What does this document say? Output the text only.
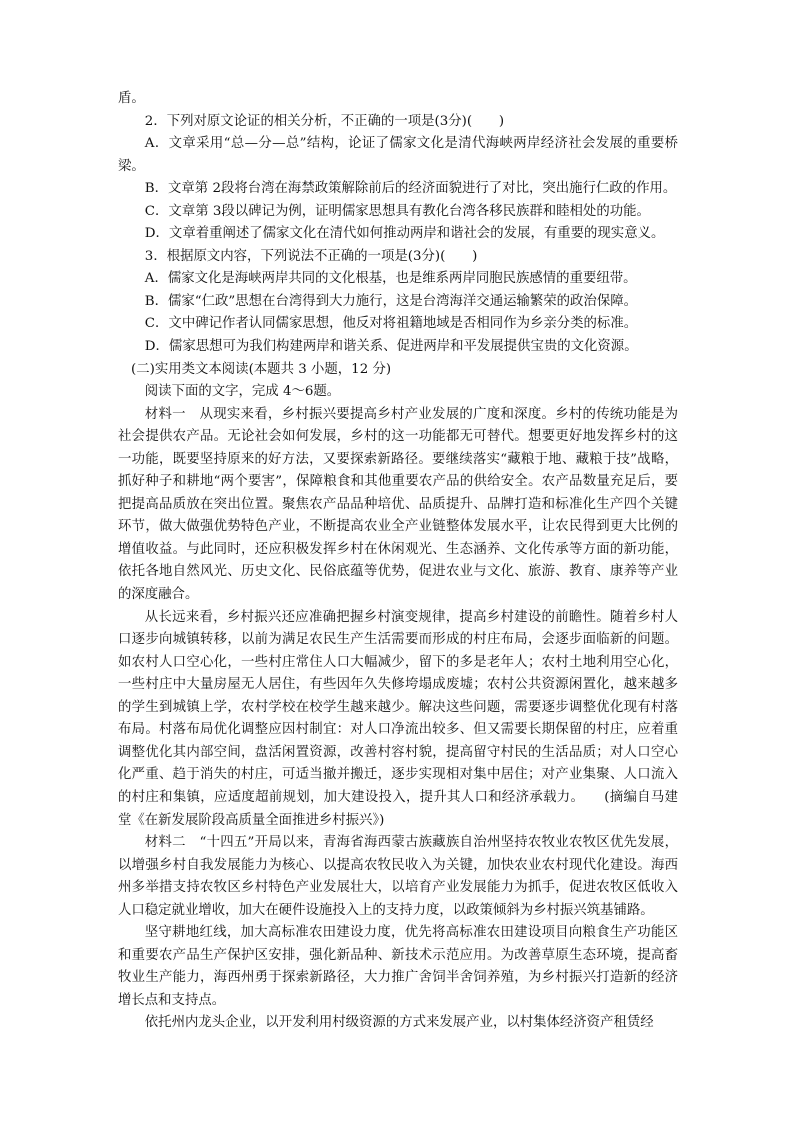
盾。

2．下列对原文论证的相关分析，不正确的一项是(3分)(　　)

A．文章采用“总—分—总”结构，论证了儒家文化是清代海峡两岸经济社会发展的重要桥梁。

B．文章第 2段将台湾在海禁政策解除前后的经济面貌进行了对比，突出施行仁政的作用。

C．文章第 3段以碑记为例，证明儒家思想具有教化台湾各移民族群和睦相处的功能。

D．文章着重阐述了儒家文化在清代如何推动两岸和谐社会的发展，有重要的现实意义。

3．根据原文内容，下列说法不正确的一项是(3分)(　　)

A．儒家文化是海峡两岸共同的文化根基，也是维系两岸同胞民族感情的重要纽带。

B．儒家“仁政”思想在台湾得到大力施行，这是台湾海洋交通运输繁荣的政治保障。

C．文中碑记作者认同儒家思想，他反对将祖籍地域是否相同作为乡亲分类的标准。

D．儒家思想可为我们构建两岸和谐关系、促进两岸和平发展提供宝贵的文化资源。

(二)实用类文本阅读(本题共 3 小题，12 分)

阅读下面的文字，完成 4～6题。

材料一　从现实来看，乡村振兴要提高乡村产业发展的广度和深度。乡村的传统功能是为社会提供农产品。无论社会如何发展，乡村的这一功能都无可替代。想要更好地发挥乡村的这一功能，既要坚持原来的好方法，又要探索新路径。要继续落实“藏粮于地、藏粮于技”战略，抓好种子和耕地“两个要害”，保障粮食和其他重要农产品的供给安全。农产品数量充足后，要把提高品质放在突出位置。聚焦农产品品种培优、品质提升、品牌打造和标准化生产四个关键环节，做大做强优势特色产业，不断提高农业全产业链整体发展水平，让农民得到更大比例的增值收益。与此同时，还应积极发挥乡村在休闲观光、生态涵养、文化传承等方面的新功能，依托各地自然风光、历史文化、民俗底蕴等优势，促进农业与文化、旅游、教育、康养等产业的深度融合。

从长远来看，乡村振兴还应准确把握乡村演变规律，提高乡村建设的前瞻性。随着乡村人口逐步向城镇转移，以前为满足农民生产生活需要而形成的村庄布局，会逐步面临新的问题。如农村人口空心化，一些村庄常住人口大幅减少，留下的多是老年人；农村土地利用空心化，一些村庄中大量房屋无人居住，有些因年久失修垮塌成废墟；农村公共资源闲置化，越来越多的学生到城镇上学，农村学校在校学生越来越少。解决这些问题，需要逐步调整优化现有村落布局。村落布局优化调整应因村制宜：对人口净流出较多、但又需要长期保留的村庄，应着重调整优化其内部空间，盘活闲置资源，改善村容村貌，提高留守村民的生活品质；对人口空心化严重、趋于消失的村庄，可适当撤并搬迁，逐步实现相对集中居住；对产业集聚、人口流入的村庄和集镇，应适度超前规划，加大建设投入，提升其人口和经济承载力。 (摘编自马建堂《在新发展阶段高质量全面推进乡村振兴》)

材料二　“十四五”开局以来，青海省海西蒙古族藏族自治州坚持农牧业农牧区优先发展，以增强乡村自我发展能力为核心、以提高农牧民收入为关键，加快农业农村现代化建设。海西州多举措支持农牧区乡村特色产业发展壮大，以培育产业发展能力为抓手，促进农牧区低收入人口稳定就业增收，加大在硬件设施投入上的支持力度，以政策倾斜为乡村振兴筑基铺路。

坚守耕地红线，加大高标准农田建设力度，优先将高标准农田建设项目向粮食生产功能区和重要农产品生产保护区安排，强化新品种、新技术示范应用。为改善草原生态环境，提高畜牧业生产能力，海西州勇于探索新路径，大力推广舍饲半舍饲养殖，为乡村振兴打造新的经济增长点和支持点。

依托州内龙头企业，以开发利用村级资源的方式来发展产业，以村集体经济资产租赁经
